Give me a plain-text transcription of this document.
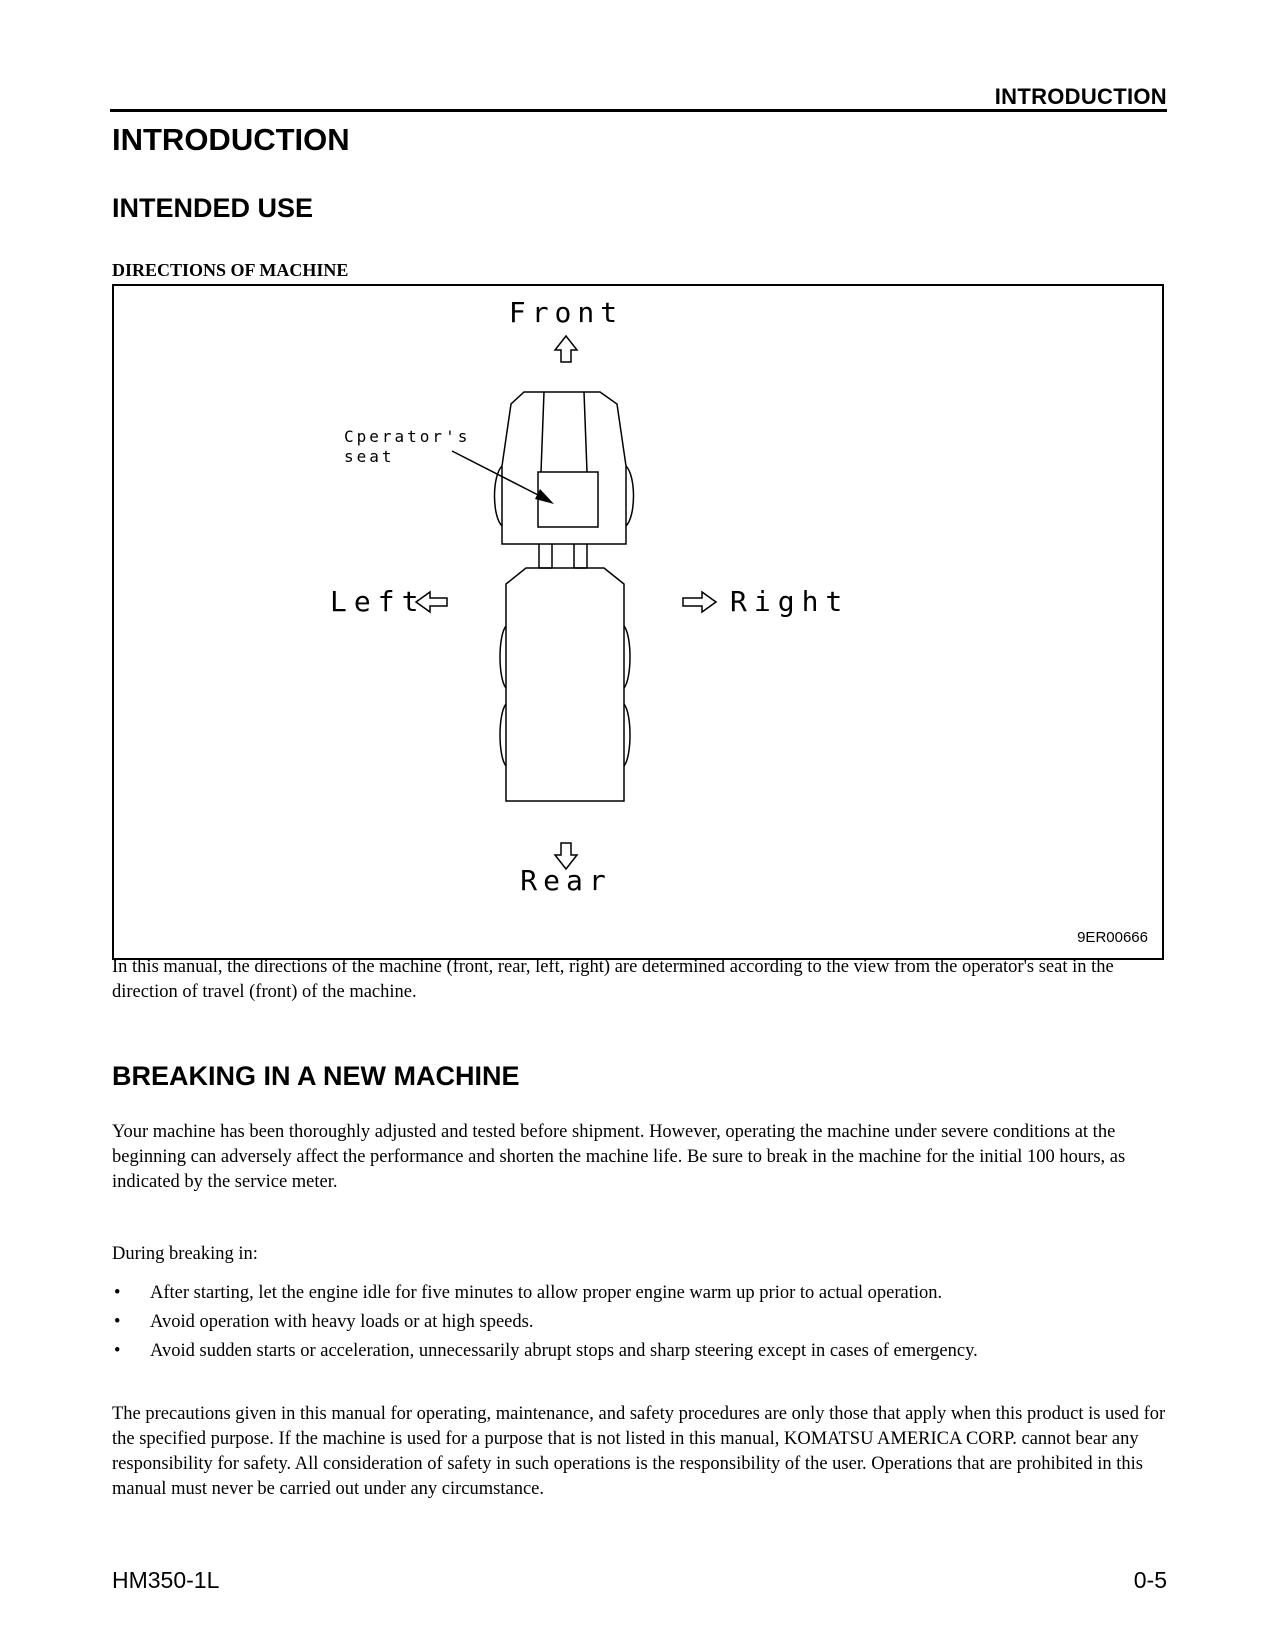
INTRODUCTION
INTRODUCTION
INTENDED USE
DIRECTIONS OF MACHINE
Front
Rear
Left	Right
Cperator's
seat
9ER00666

In this manual, the directions of the machine (front, rear, left, right) are determined according to the view from the operator's seat in the direction of travel (front) of the machine.

BREAKING IN A NEW MACHINE

Your machine has been thoroughly adjusted and tested before shipment. However, operating the machine under severe conditions at the beginning can adversely affect the performance and shorten the machine life. Be sure to break in the machine for the initial 100 hours, as indicated by the service meter.

During breaking in:

• After starting, let the engine idle for five minutes to allow proper engine warm up prior to actual operation.
• Avoid operation with heavy loads or at high speeds.
• Avoid sudden starts or acceleration, unnecessarily abrupt stops and sharp steering except in cases of emergency.

The precautions given in this manual for operating, maintenance, and safety procedures are only those that apply when this product is used for the specified purpose. If the machine is used for a purpose that is not listed in this manual, KOMATSU AMERICA CORP. cannot bear any responsibility for safety. All consideration of safety in such operations is the responsibility of the user. Operations that are prohibited in this manual must never be carried out under any circumstance.

HM350-1L	0-5
